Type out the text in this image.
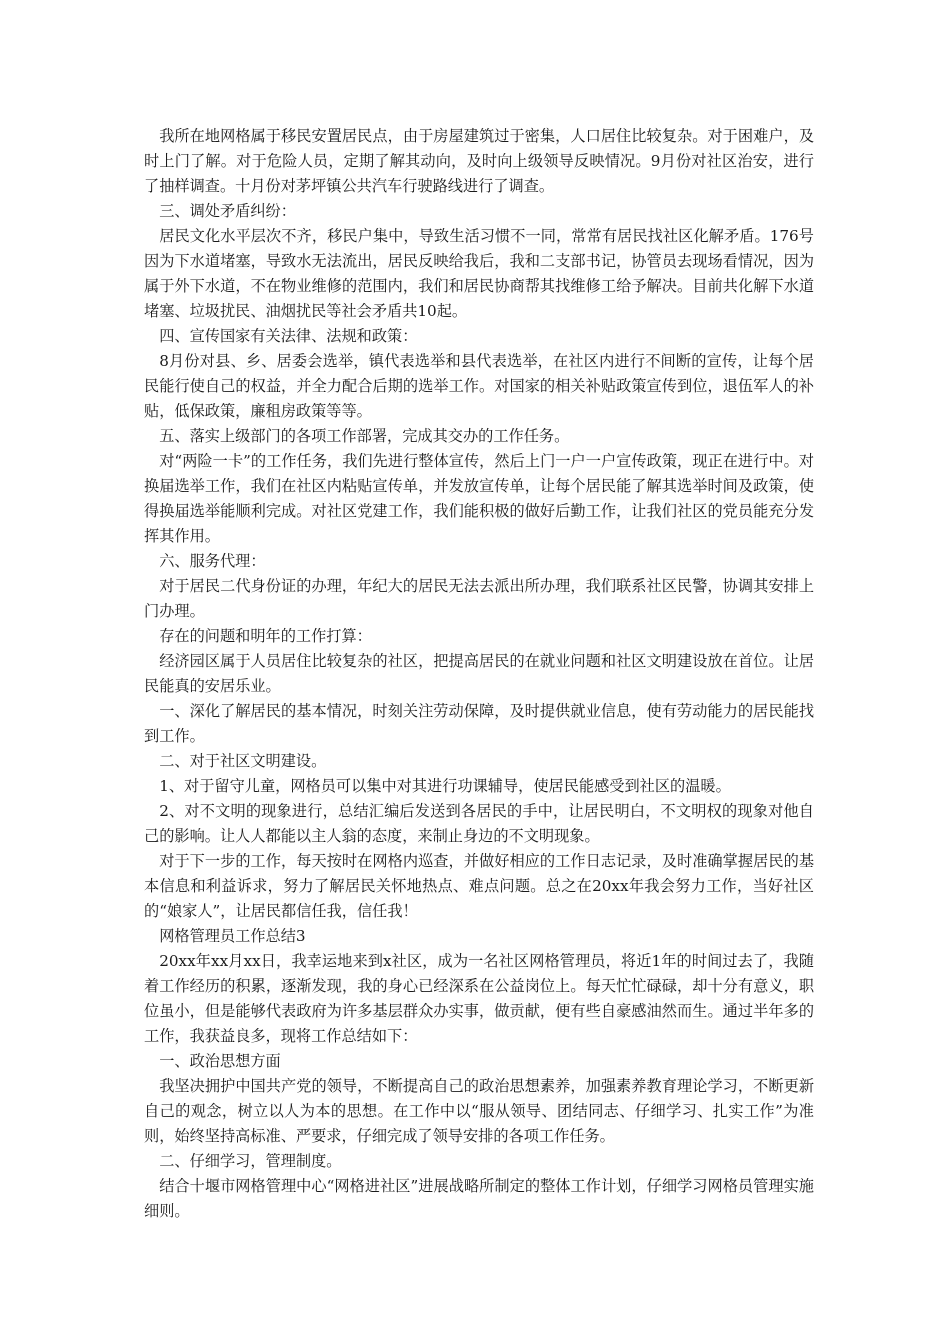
我所在地网格属于移民安置居民点，由于房屋建筑过于密集，人口居住比较复杂。对于困难户，及时上门了解。对于危险人员，定期了解其动向，及时向上级领导反映情况。9月份对社区治安，进行了抽样调查。十月份对茅坪镇公共汽车行驶路线进行了调查。

三、调处矛盾纠纷：

居民文化水平层次不齐，移民户集中，导致生活习惯不一同，常常有居民找社区化解矛盾。176号因为下水道堵塞，导致水无法流出，居民反映给我后，我和二支部书记，协管员去现场看情况，因为属于外下水道，不在物业维修的范围内，我们和居民协商帮其找维修工给予解决。目前共化解下水道堵塞、垃圾扰民、油烟扰民等社会矛盾共10起。

四、宣传国家有关法律、法规和政策：

8月份对县、乡、居委会选举，镇代表选举和县代表选举，在社区内进行不间断的宣传，让每个居民能行使自己的权益，并全力配合后期的选举工作。对国家的相关补贴政策宣传到位，退伍军人的补贴，低保政策，廉租房政策等等。

五、落实上级部门的各项工作部署，完成其交办的工作任务。

对“两险一卡”的工作任务，我们先进行整体宣传，然后上门一户一户宣传政策，现正在进行中。对换届选举工作，我们在社区内粘贴宣传单，并发放宣传单，让每个居民能了解其选举时间及政策，使得换届选举能顺利完成。对社区党建工作，我们能积极的做好后勤工作，让我们社区的党员能充分发挥其作用。

六、服务代理：

对于居民二代身份证的办理，年纪大的居民无法去派出所办理，我们联系社区民警，协调其安排上门办理。

存在的问题和明年的工作打算：

经济园区属于人员居住比较复杂的社区，把提高居民的在就业问题和社区文明建设放在首位。让居民能真的安居乐业。

一、深化了解居民的基本情况，时刻关注劳动保障，及时提供就业信息，使有劳动能力的居民能找到工作。

二、对于社区文明建设。

1、对于留守儿童，网格员可以集中对其进行功课辅导，使居民能感受到社区的温暖。

2、对不文明的现象进行，总结汇编后发送到各居民的手中，让居民明白，不文明权的现象对他自己的影响。让人人都能以主人翁的态度，来制止身边的不文明现象。

对于下一步的工作，每天按时在网格内巡查，并做好相应的工作日志记录，及时准确掌握居民的基本信息和利益诉求，努力了解居民关怀地热点、难点问题。总之在20xx年我会努力工作，当好社区的“娘家人”，让居民都信任我，信任我！

网格管理员工作总结3

20xx年xx月xx日，我幸运地来到x社区，成为一名社区网格管理员，将近1年的时间过去了，我随着工作经历的积累，逐渐发现，我的身心已经深系在公益岗位上。每天忙忙碌碌，却十分有意义，职位虽小，但是能够代表政府为许多基层群众办实事，做贡献，便有些自豪感油然而生。通过半年多的工作，我获益良多，现将工作总结如下：

一、政治思想方面

我坚决拥护中国共产党的领导，不断提高自己的政治思想素养，加强素养教育理论学习，不断更新自己的观念，树立以人为本的思想。在工作中以“服从领导、团结同志、仔细学习、扎实工作”为准则，始终坚持高标准、严要求，仔细完成了领导安排的各项工作任务。

二、仔细学习，管理制度。

结合十堰市网格管理中心“网格进社区”进展战略所制定的整体工作计划，仔细学习网格员管理实施细则。
